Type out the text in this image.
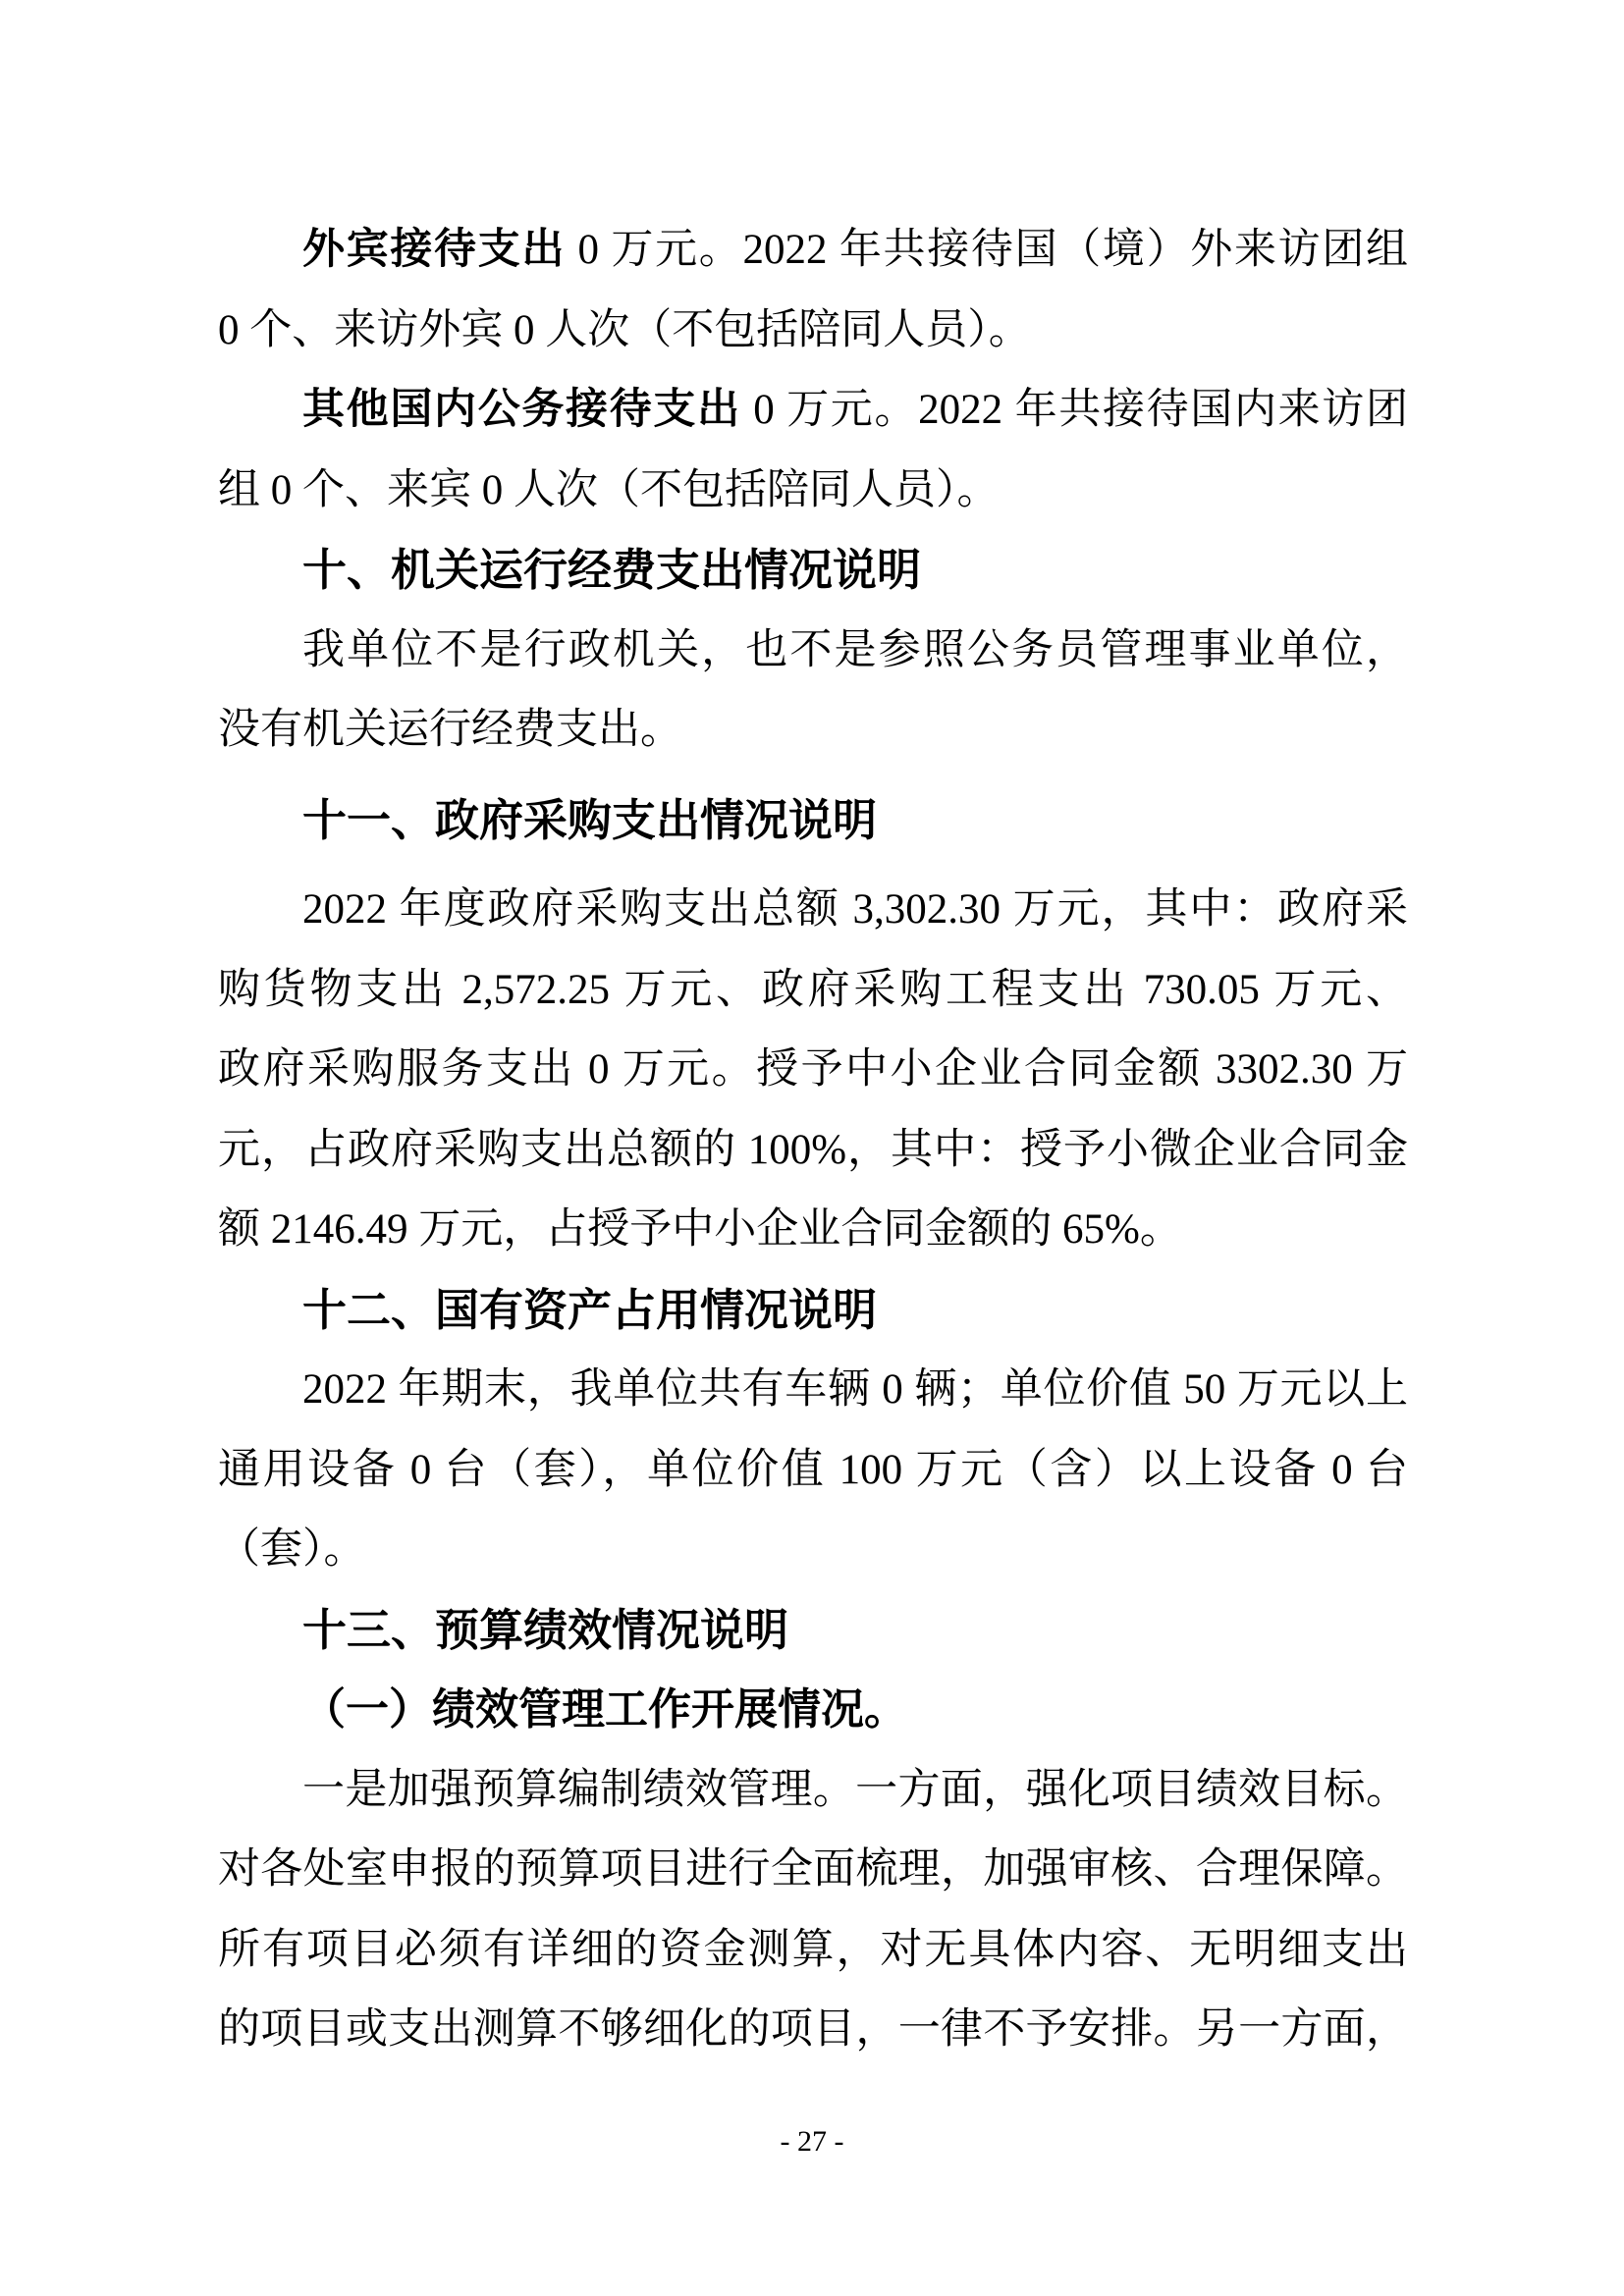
外宾接待支出 0 万元。2022 年共接待国（境）外来访团组
0 个、来访外宾 0 人次（不包括陪同人员）。
其他国内公务接待支出 0 万元。2022 年共接待国内来访团
组 0 个、来宾 0 人次（不包括陪同人员）。
十、机关运行经费支出情况说明
我单位不是行政机关，也不是参照公务员管理事业单位，
没有机关运行经费支出。
十一、政府采购支出情况说明
2022 年度政府采购支出总额 3,302.30 万元，其中：政府采
购货物支出 2,572.25 万元、政府采购工程支出 730.05 万元、
政府采购服务支出 0 万元。授予中小企业合同金额 3302.30 万
元，占政府采购支出总额的 100%，其中：授予小微企业合同金
额 2146.49 万元，占授予中小企业合同金额的 65%。
十二、国有资产占用情况说明
2022 年期末，我单位共有车辆 0 辆；单位价值 50 万元以上
通用设备 0 台（套），单位价值 100 万元（含）以上设备 0 台
（套）。
十三、预算绩效情况说明
（一）绩效管理工作开展情况。
一是加强预算编制绩效管理。一方面，强化项目绩效目标。
对各处室申报的预算项目进行全面梳理，加强审核、合理保障。
所有项目必须有详细的资金测算，对无具体内容、无明细支出
的项目或支出测算不够细化的项目，一律不予安排。另一方面，
- 27 -
